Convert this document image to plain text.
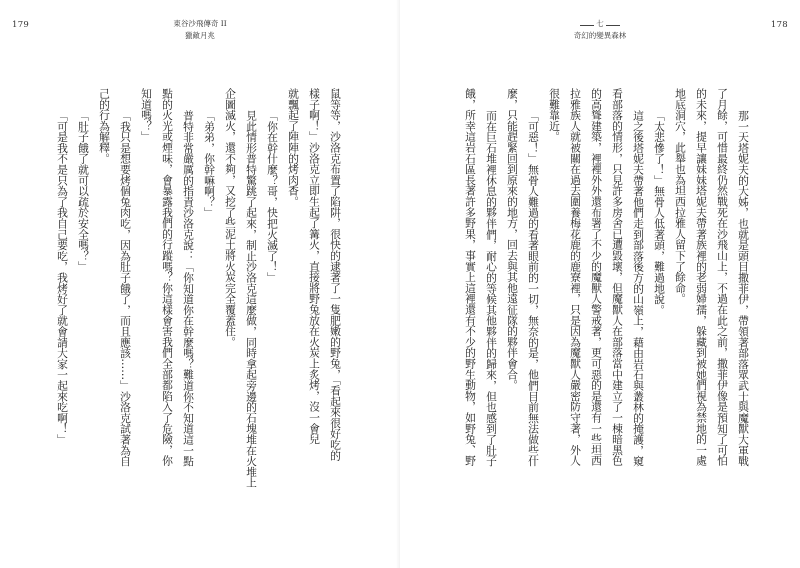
179	東谷沙飛傳奇 II
獵敵月兆
鼠等等，沙洛克布置了陷阱，很快的逮著了一隻肥嫩的野兔，「看起來很好吃的
樣子啊！」沙洛克立即生起了篝火，直接將野兔放在火炭上炙烤，沒一會兒
就飄起了陣陣的烤肉香。
「你在幹什麼？哥，快把火滅了！」
見此情形普特驚跳了起來，制止沙洛克這麼做，同時拿起旁邊的石塊堆在火堆上
企圖滅火，還不夠，又挖了些泥土將火炭完全覆蓋住。
「弟弟，你幹嘛啊？」
普特非常嚴厲的指責沙洛克說：「你知道你在幹麼嗎？難道你不知道這一點
點的火光或煙味，會暴露我們的行蹤嗎？你這樣會害我們全部都陷入了危險，你
知道嗎？」
「我只是想要烤個兔肉吃，因為肚子餓了，而且應該……」沙洛克試著為自
己的行為解釋。
「肚子餓了就可以疏於安全嗎？」
「可是我不是只為了我自己要吃，我烤好了就會請大家一起來吃啊！」
178
七
奇幻的變異森林
那一天塔妮夫的大姊，也就是頭目撒菲伊，帶領著部落眾武士與魔獸大軍戰
了月餘，可惜最終仍然戰死在沙飛山上，不過在此之前，撒菲伊像是預知了可怕
的未來，提早讓妹妹塔妮夫帶著族裡的老弱婦孺，躲藏到被她們視為禁地的一處
地底洞穴，此舉也為坦西拉雅人留下了餘命。
「太悲慘了！」無骨人低著頭，難過地說。
這之後塔妮夫帶著他們走到部落後方的山嶺上，藉由岩石與叢林的掩護，窺
看部落的情形，只見許多房舍已遭毀壞，但魔獸人在部落當中建立了一棟暗黑色
的高聳建築，裡裡外外還布署了不少的魔獸人警戒著，更可惡的是還有一些坦西
拉雅族人就被關在過去圍養梅花鹿的鹿寮裡，只是因為魔獸人嚴密防守著，外人
很難靠近。
「可惡！」無骨人難過的看著眼前的一切，無奈的是，他們目前無法做些什
麼，只能趕緊回到原來的地方，回去與其他遠征隊的夥伴會合。
而在巨石堆裡休息的夥伴們，耐心的等候其他夥伴的歸來，但也感到了肚子
餓，所幸這岩石區長著許多野果，事實上這裡還有不少的野生動物，如野兔、野
